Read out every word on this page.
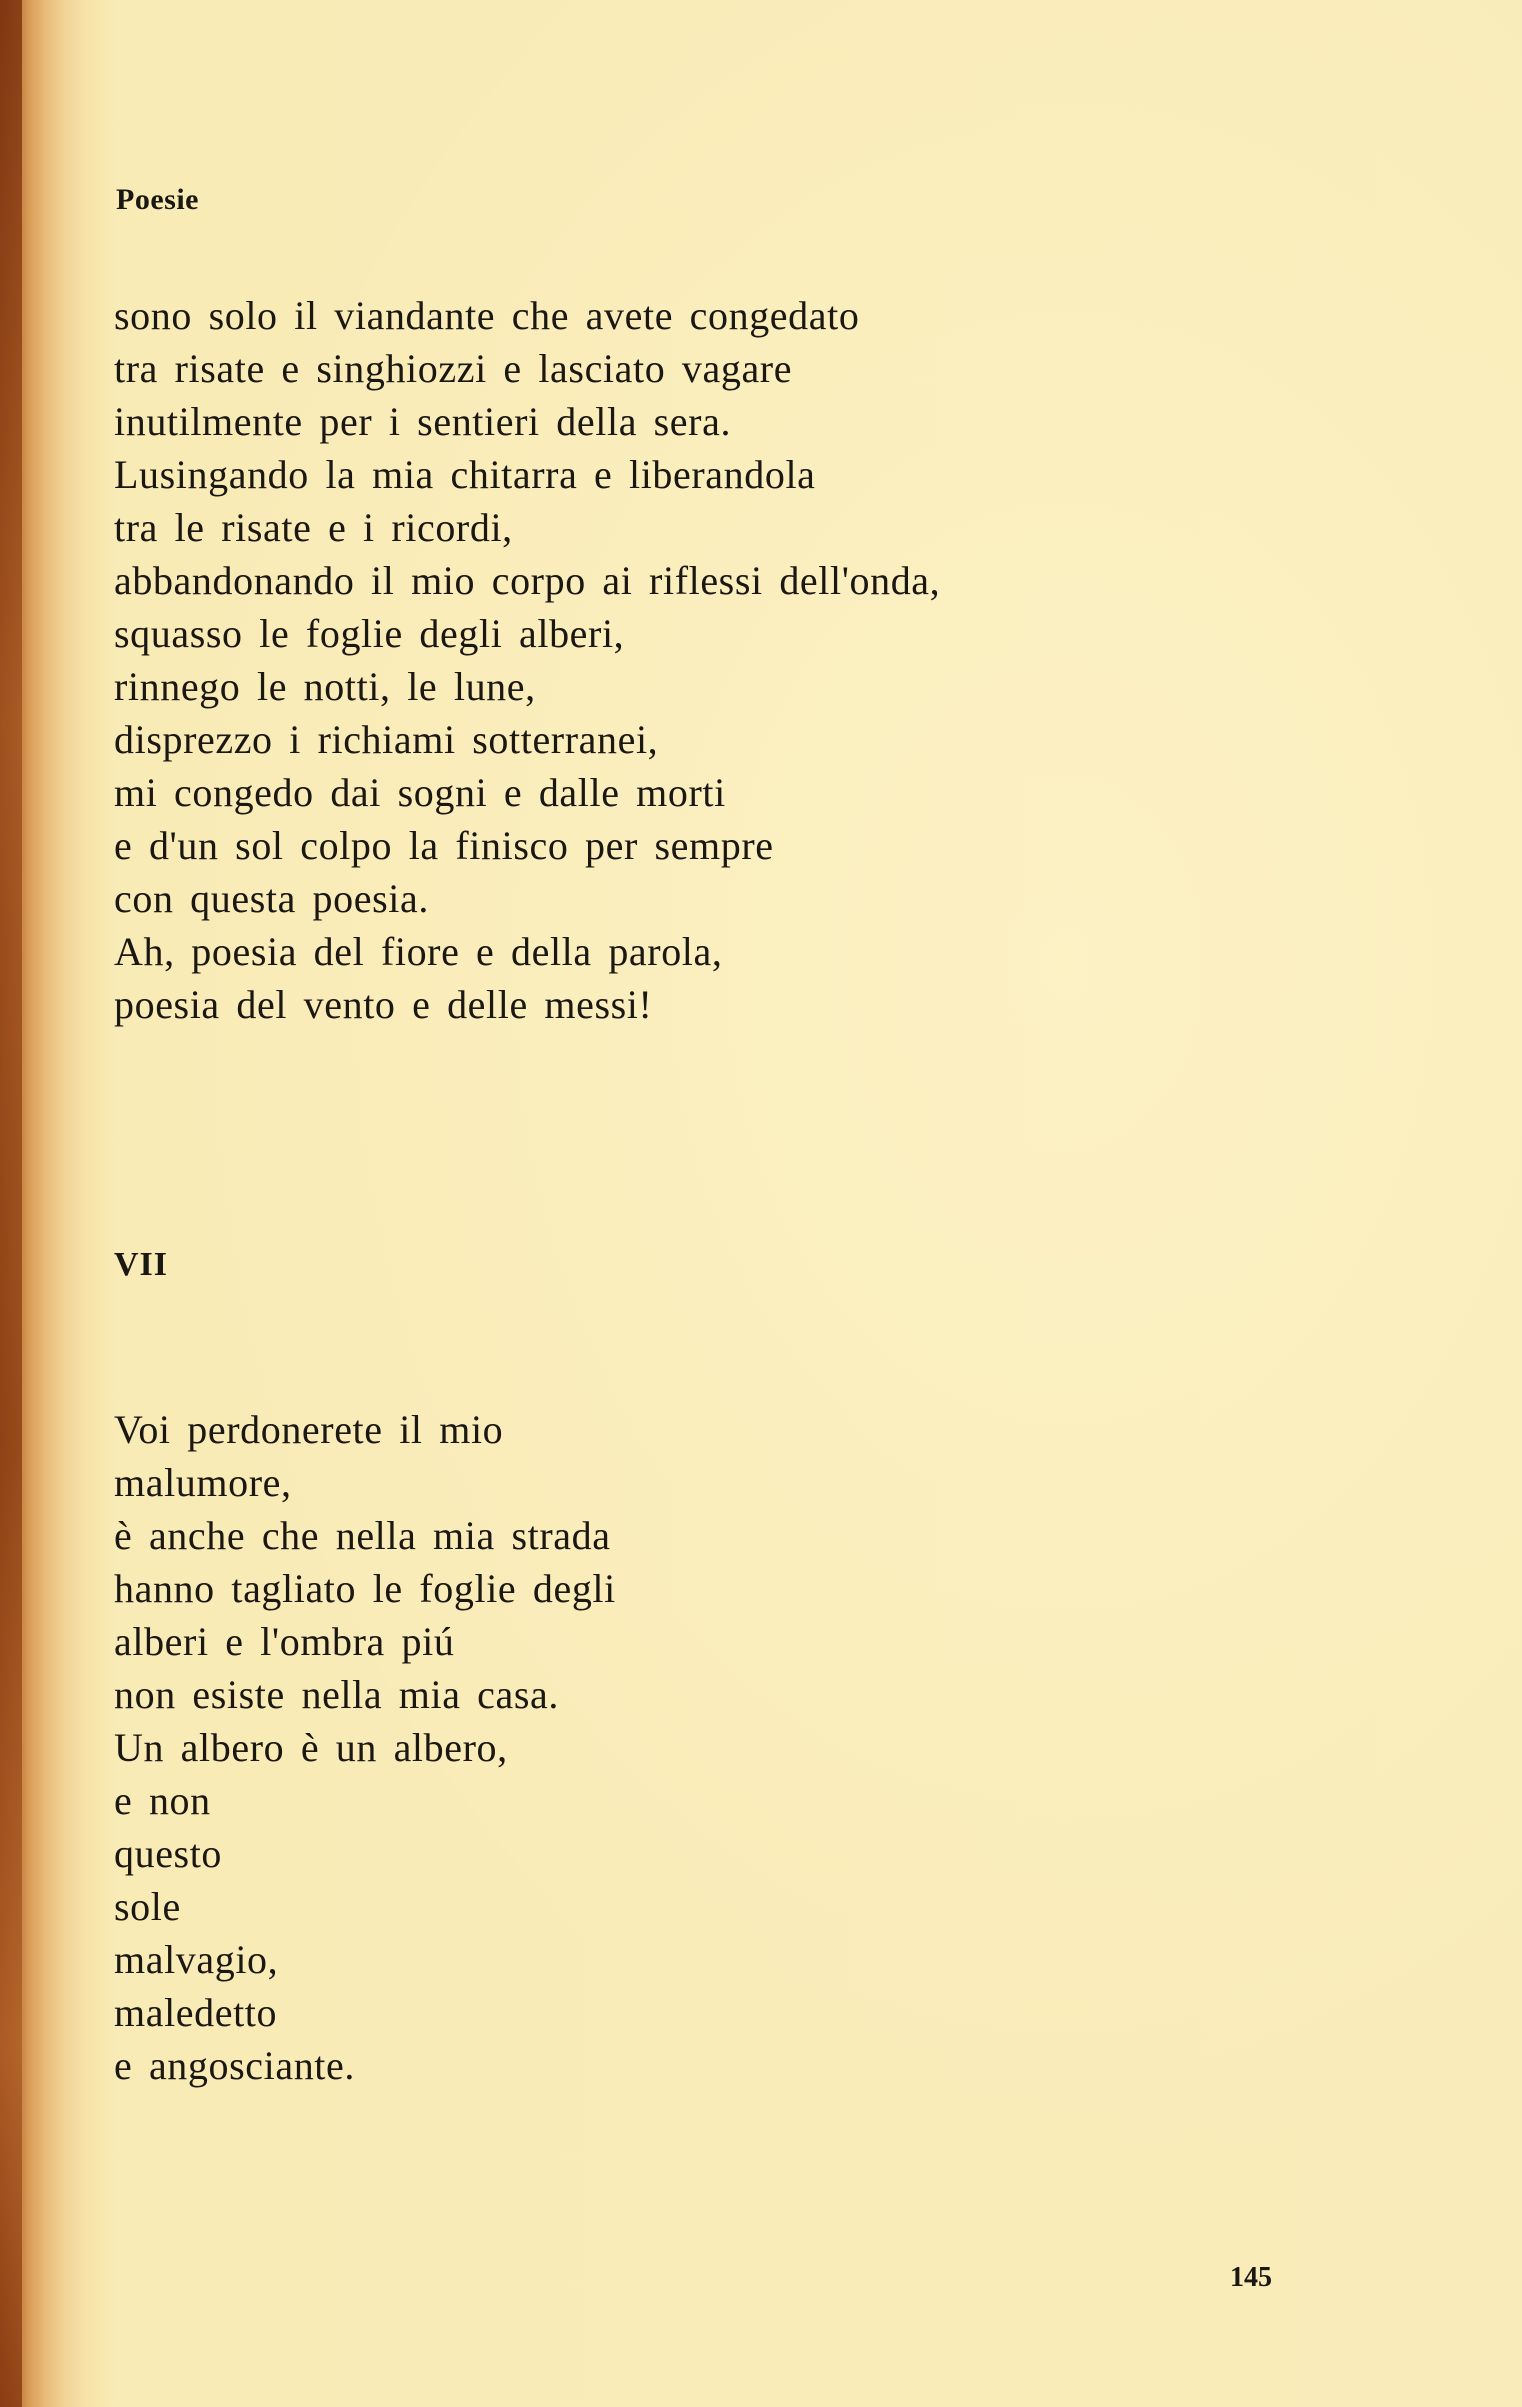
Poesie
sono solo il viandante che avete congedato
tra risate e singhiozzi e lasciato vagare
inutilmente per i sentieri della sera.
Lusingando la mia chitarra e liberandola
tra le risate e i ricordi,
abbandonando il mio corpo ai riflessi dell'onda,
squasso le foglie degli alberi,
rinnego le notti, le lune,
disprezzo i richiami sotterranei,
mi congedo dai sogni e dalle morti
e d'un sol colpo la finisco per sempre
con questa poesia.
Ah, poesia del fiore e della parola,
poesia del vento e delle messi!
VII
Voi perdonerete il mio
malumore,
è anche che nella mia strada
hanno tagliato le foglie degli
alberi e l'ombra piú
non esiste nella mia casa.
Un albero è un albero,
e non
questo
sole
malvagio,
maledetto
e angosciante.
145
